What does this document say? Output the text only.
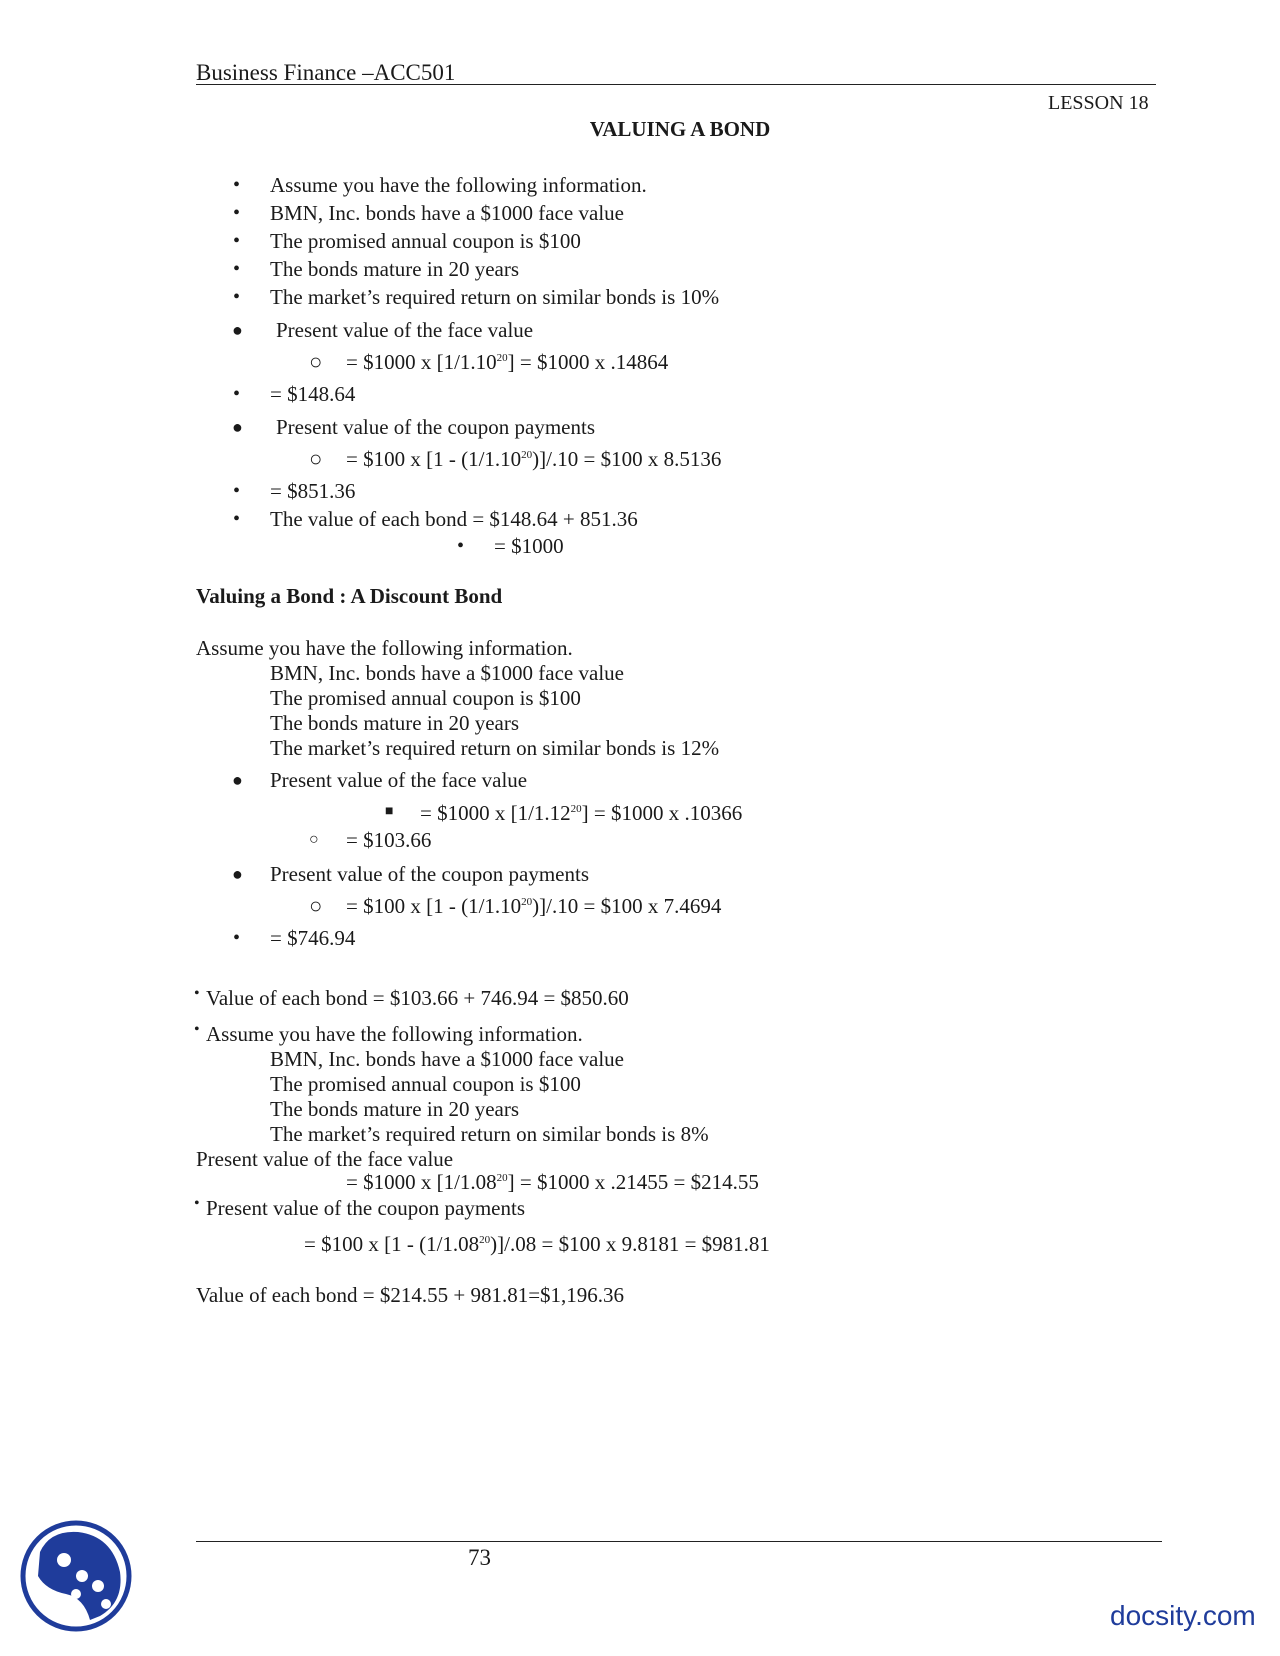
Business Finance –ACC501
LESSON 18
VALUING A BOND
• Assume you have the following information.
• BMN, Inc. bonds have a $1000 face value
• The promised annual coupon is $100
• The bonds mature in 20 years
• The market’s required return on similar bonds is 10%
● Present value of the face value
○ = $1000 x $[1/1.10^{20}]$ = $1000 x .14864
• = $148.64
● Present value of the coupon payments
○ = $100 x $[1 - (1/1.10^{20})]/.10$ = $100 x 8.5136
• = $851.36
• The value of each bond = $148.64 + 851.36
• = $1000
Valuing a Bond : A Discount Bond
Assume you have the following information.
BMN, Inc. bonds have a $1000 face value
The promised annual coupon is $100
The bonds mature in 20 years
The market’s required return on similar bonds is 12%
● Present value of the face value
■ = $1000 x $[1/1.12^{20}]$ = $1000 x .10366
○ = $103.66
● Present value of the coupon payments
○ = $100 x $[1 - (1/1.10^{20})]/.10$ = $100 x 7.4694
• = $746.94
• Value of each bond = $103.66 + 746.94 = $850.60
• Assume you have the following information.
BMN, Inc. bonds have a $1000 face value
The promised annual coupon is $100
The bonds mature in 20 years
The market’s required return on similar bonds is 8%
Present value of the face value
= $1000 x $[1/1.08^{20}]$ = $1000 x .21455 = $214.55
• Present value of the coupon payments
= $100 x $[1 - (1/1.08^{20})]/.08$ = $100 x 9.8181 = $981.81
Value of each bond = $214.55 + 981.81=$1,196.36
73
docsity.com
